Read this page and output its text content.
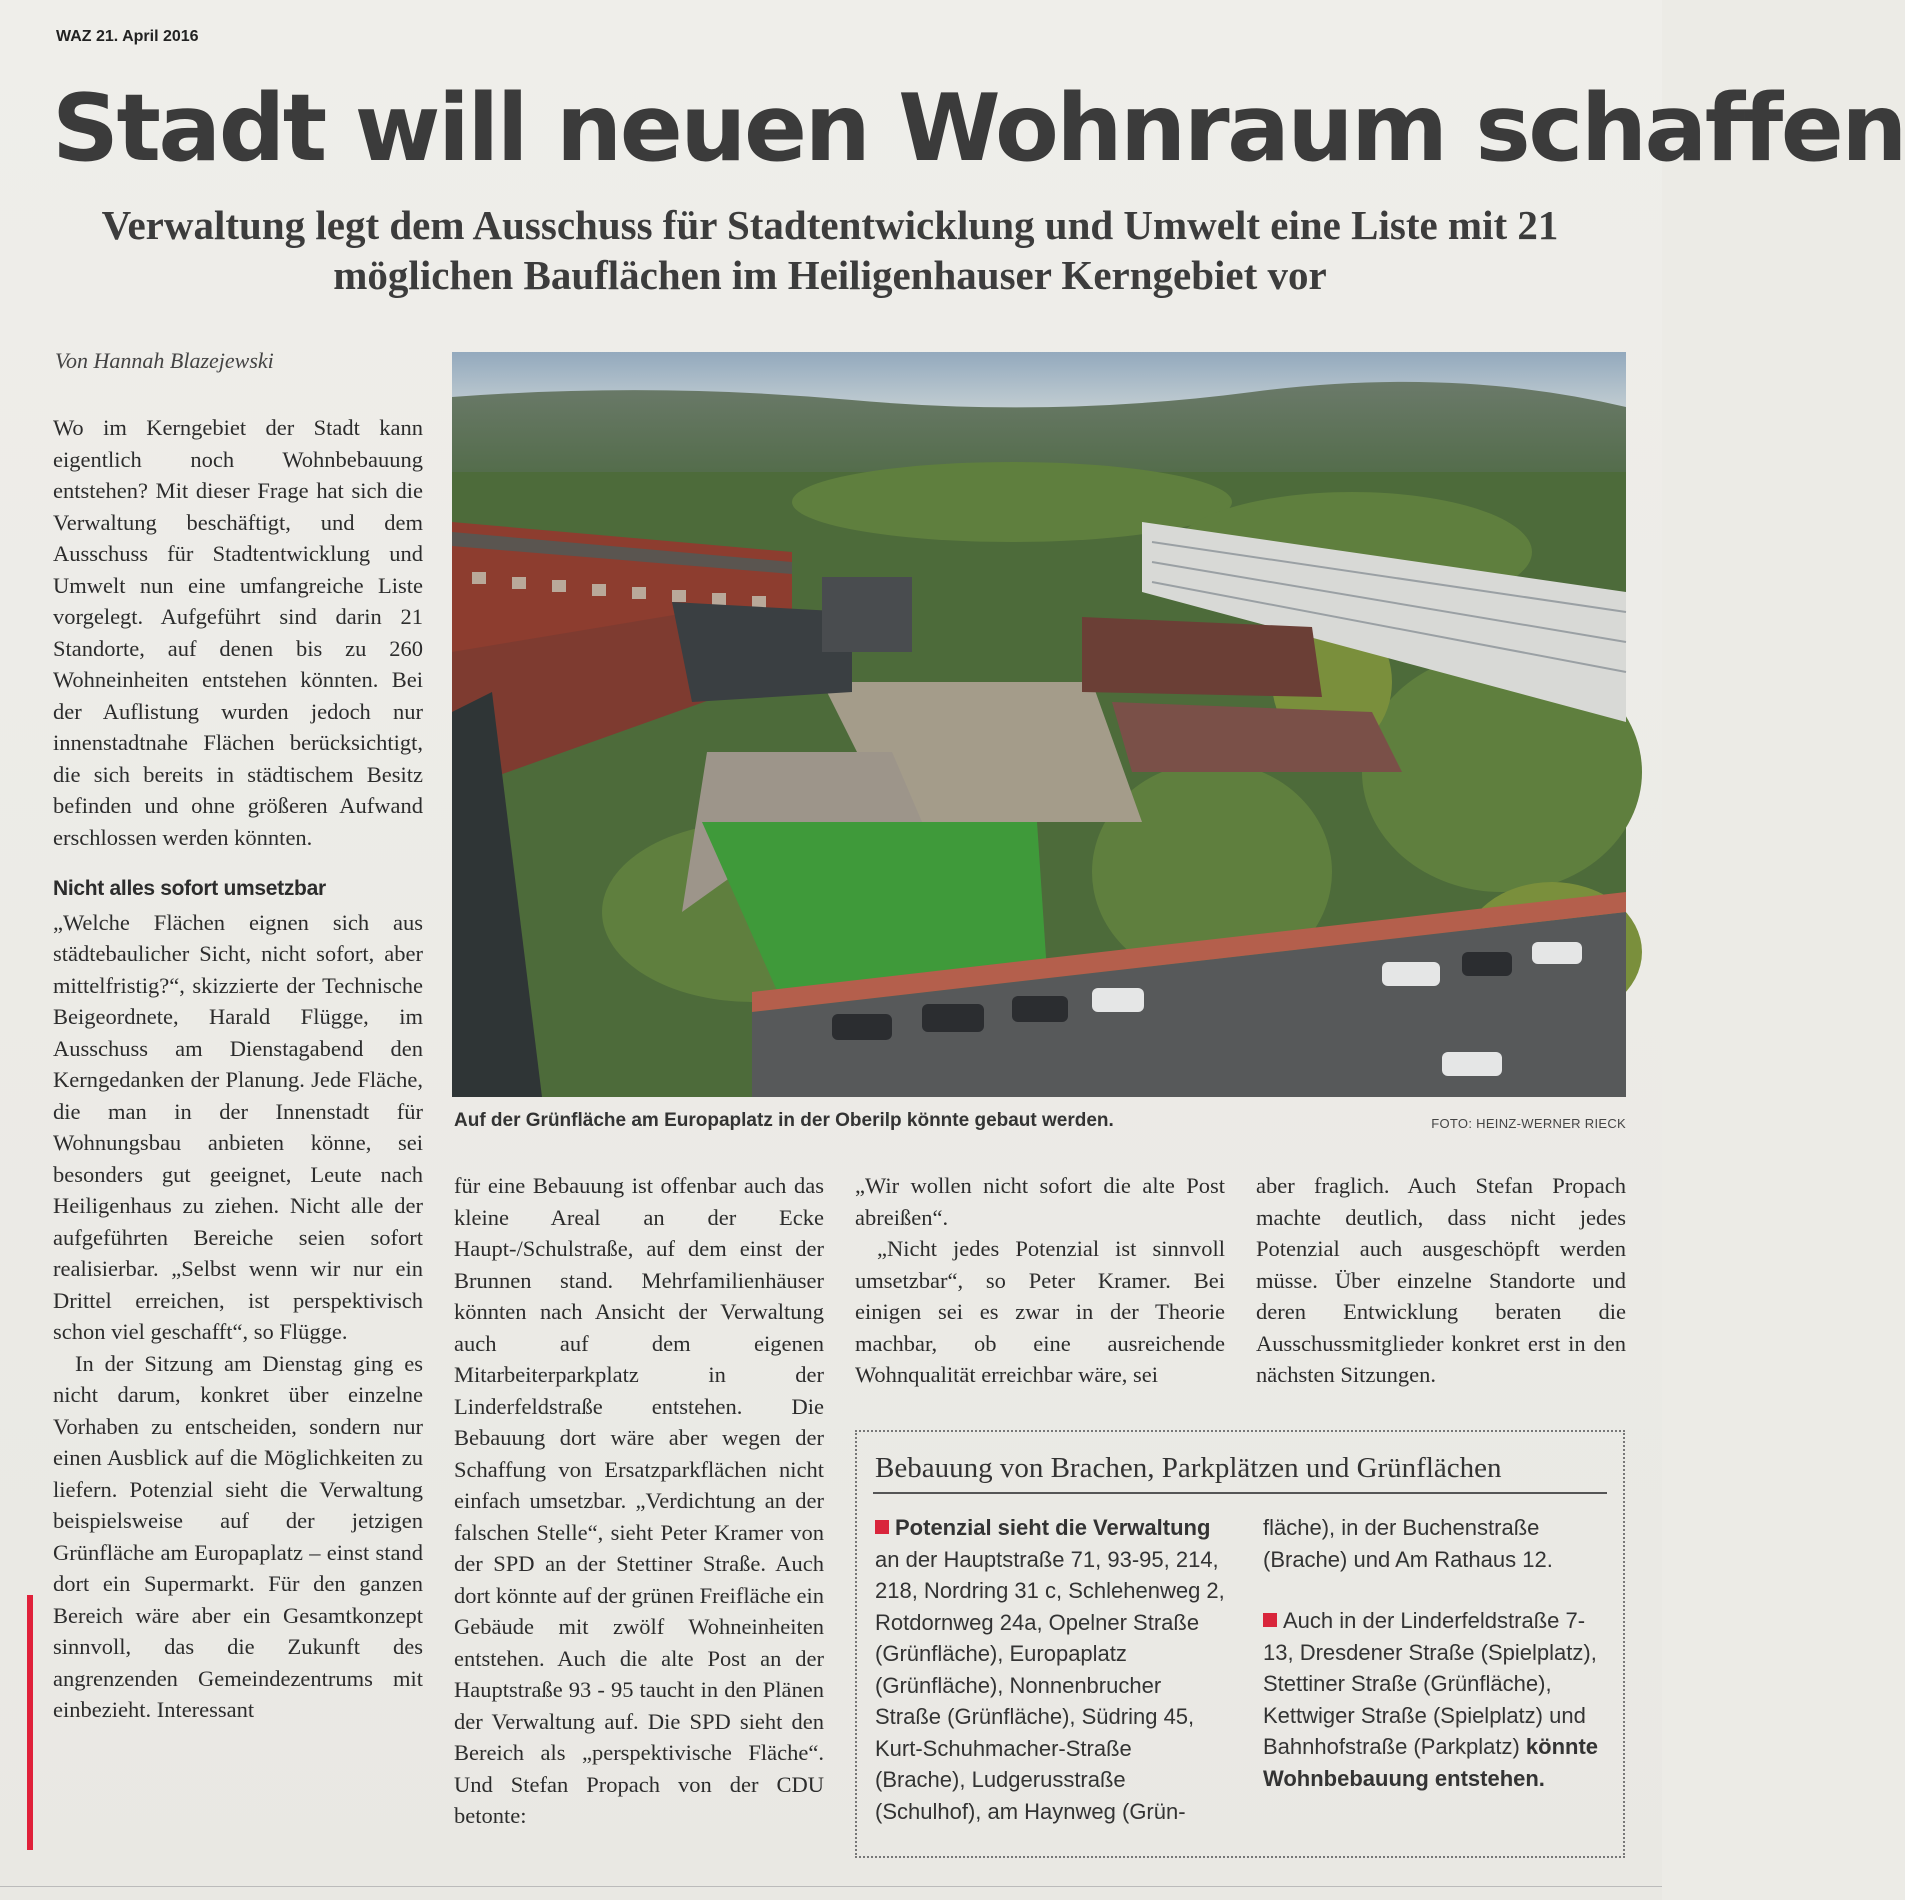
WAZ 21. April 2016
Stadt will neuen Wohnraum schaffen
Verwaltung legt dem Ausschuss für Stadtentwicklung und Umwelt eine Liste mit 21 möglichen Bauflächen im Heiligenhauser Kerngebiet vor
Von Hannah Blazejewski

Wo im Kerngebiet der Stadt kann eigentlich noch Wohnbebauung entstehen? Mit dieser Frage hat sich die Verwaltung beschäftigt, und dem Ausschuss für Stadtentwicklung und Umwelt nun eine umfangreiche Liste vorgelegt. Aufgeführt sind darin 21 Standorte, auf denen bis zu 260 Wohneinheiten entstehen könnten. Bei der Auflistung wurden jedoch nur innenstadtnahe Flächen berücksichtigt, die sich bereits in städtischem Besitz befinden und ohne größeren Aufwand erschlossen werden könnten.

Nicht alles sofort umsetzbar

„Welche Flächen eignen sich aus städtebaulicher Sicht, nicht sofort, aber mittelfristig?“, skizzierte der Technische Beigeordnete, Harald Flügge, im Ausschuss am Dienstagabend den Kerngedanken der Planung. Jede Fläche, die man in der Innenstadt für Wohnungsbau anbieten könne, sei besonders gut geeignet, Leute nach Heiligenhaus zu ziehen. Nicht alle der aufgeführten Bereiche seien sofort realisierbar. „Selbst wenn wir nur ein Drittel erreichen, ist perspektivisch schon viel geschafft“, so Flügge.

In der Sitzung am Dienstag ging es nicht darum, konkret über einzelne Vorhaben zu entscheiden, sondern nur einen Ausblick auf die Möglichkeiten zu liefern. Potenzial sieht die Verwaltung beispielsweise auf der jetzigen Grünfläche am Europaplatz – einst stand dort ein Supermarkt. Für den ganzen Bereich wäre aber ein Gesamtkonzept sinnvoll, das die Zukunft des angrenzenden Gemeindezentrums mit einbezieht. Interessant

Auf der Grünfläche am Europaplatz in der Oberilp könnte gebaut werden.	FOTO: HEINZ-WERNER RIECK

für eine Bebauung ist offenbar auch das kleine Areal an der Ecke Haupt-/Schulstraße, auf dem einst der Brunnen stand. Mehrfamilienhäuser könnten nach Ansicht der Verwaltung auch auf dem eigenen Mitarbeiterparkplatz in der Linderfeldstraße entstehen. Die Bebauung dort wäre aber wegen der Schaffung von Ersatzparkflächen nicht einfach umsetzbar. „Verdichtung an der falschen Stelle“, sieht Peter Kramer von der SPD an der Stettiner Straße. Auch dort könnte auf der grünen Freifläche ein Gebäude mit zwölf Wohneinheiten entstehen. Auch die alte Post an der Hauptstraße 93 - 95 taucht in den Plänen der Verwaltung auf. Die SPD sieht den Bereich als „perspektivische Fläche“. Und Stefan Propach von der CDU betonte:

„Wir wollen nicht sofort die alte Post abreißen“.

„Nicht jedes Potenzial ist sinnvoll umsetzbar“, so Peter Kramer. Bei einigen sei es zwar in der Theorie machbar, ob eine ausreichende Wohnqualität erreichbar wäre, sei

aber fraglich. Auch Stefan Propach machte deutlich, dass nicht jedes Potenzial auch ausgeschöpft werden müsse. Über einzelne Standorte und deren Entwicklung beraten die Ausschussmitglieder konkret erst in den nächsten Sitzungen.

Bebauung von Brachen, Parkplätzen und Grünflächen

Potenzial sieht die Verwaltung
an der Hauptstraße 71, 93-95, 214, 218, Nordring 31 c, Schlehenweg 2, Rotdornweg 24a, Opelner Straße (Grünfläche), Europaplatz (Grünfläche), Nonnenbrucher Straße (Grünfläche), Südring 45, Kurt-Schuhmacher-Straße (Brache), Ludgerusstraße (Schulhof), am Haynweg (Grün-

fläche), in der Buchenstraße (Brache) und Am Rathaus 12.

Auch in der Linderfeldstraße 7-13, Dresdener Straße (Spielplatz), Stettiner Straße (Grünfläche), Kettwiger Straße (Spielplatz) und Bahnhofstraße (Parkplatz) könnte Wohnbebauung entstehen.
